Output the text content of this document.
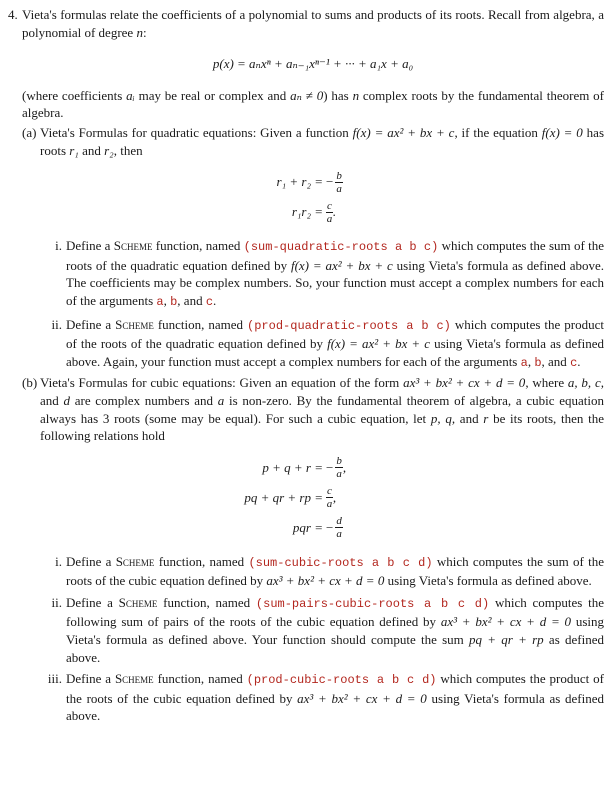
4. Vieta's formulas relate the coefficients of a polynomial to sums and products of its roots. Recall from algebra, a polynomial of degree n:

p(x) = aₙxⁿ + aₙ₋₁xⁿ⁻¹ + ··· + a₁x + a₀

(where coefficients aᵢ may be real or complex and aₙ ≠ 0) has n complex roots by the fundamental theorem of algebra.

(a) Vieta's Formulas for quadratic equations: Given a function f(x) = ax² + bx + c, if the equation f(x) = 0 has roots r₁ and r₂, then

r₁ + r₂ = − $\frac{b}{a}$
$r_1r_2 = \frac{c}{a}$ .
i. Define a Scheme function, named (sum-quadratic-roots a b c) which computes the sum of the roots of the quadratic equation defined by f(x) = ax² + bx + c using Vieta's formula as defined above. The coefficients may be complex numbers. So, your function must accept a complex numbers for each of the arguments a, b, and c.

ii. Define a Scheme function, named (prod-quadratic-roots a b c) which computes the product of the roots of the quadratic equation defined by f(x) = ax² + bx + c using Vieta's formula as defined above. Again, your function must accept a complex numbers for each of the arguments a, b, and c.

(b) Vieta's Formulas for cubic equations: Given an equation of the form ax³ + bx² + cx + d = 0, where a, b, c, and d are complex numbers and a is non-zero. By the fundamental theorem of algebra, a cubic equation always has 3 roots (some may be equal). For such a cubic equation, let p, q, and r be its roots, then the following relations hold

p + q + r = − $\frac{b}{a}$ ,
pq + qr + rp = $\frac{c}{a}$ ,
pqr = − $\frac{d}{a}$
i. Define a Scheme function, named (sum-cubic-roots a b c d) which computes the sum of the roots of the cubic equation defined by ax³ + bx² + cx + d = 0 using Vieta's formula as defined above.

ii. Define a Scheme function, named (sum-pairs-cubic-roots a b c d) which computes the following sum of pairs of the roots of the cubic equation defined by ax³ + bx² + cx + d = 0 using Vieta's formula as defined above. Your function should compute the sum pq + qr + rp as defined above.

iii. Define a Scheme function, named (prod-cubic-roots a b c d) which computes the product of the roots of the cubic equation defined by ax³ + bx² + cx + d = 0 using Vieta's formula as defined above.
